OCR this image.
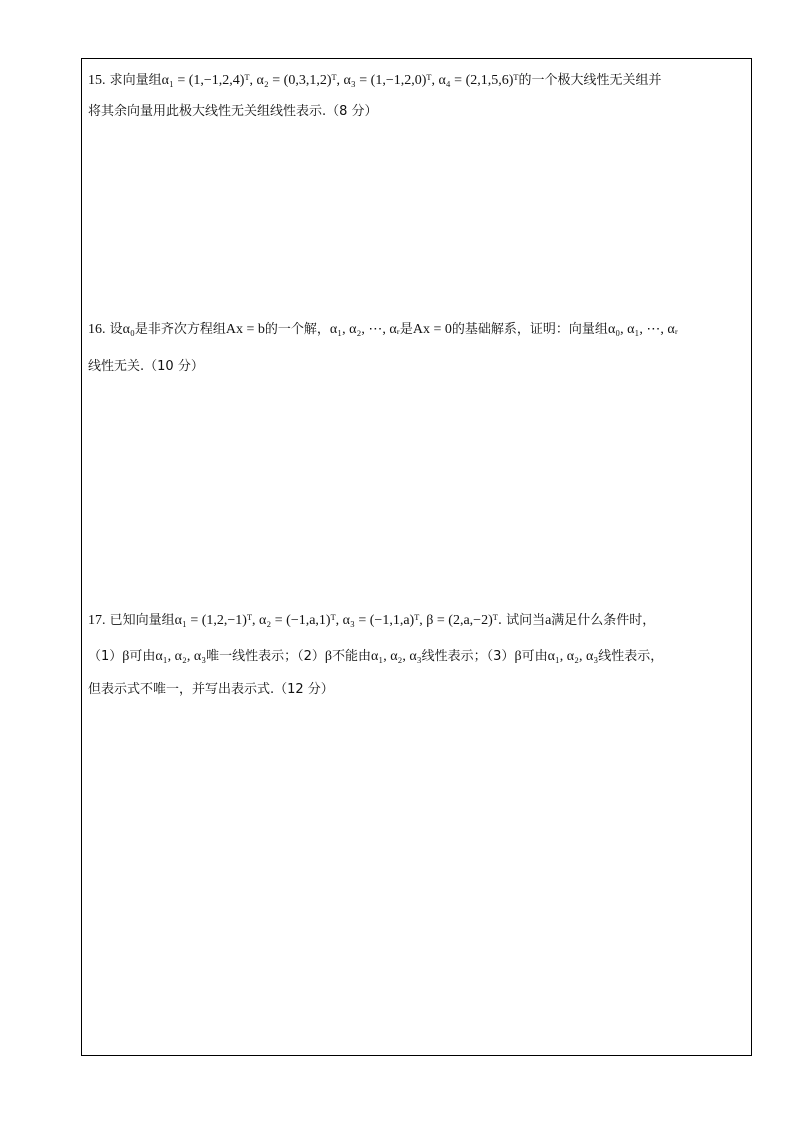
15. 求向量组α₁ = (1,−1,2,4)ᵀ, α₂ = (0,3,1,2)ᵀ, α₃ = (1,−1,2,0)ᵀ, α₄ = (2,1,5,6)ᵀ的一个极大线性无关组并
将其余向量用此极大线性无关组线性表示.（8 分）
16. 设α₀是非齐次方程组Ax = b的一个解，α₁, α₂, ⋯, αᵣ是Ax = 0的基础解系，证明：向量组α₀, α₁, ⋯, αᵣ
线性无关.（10 分）
17. 已知向量组α₁ = (1,2,−1)ᵀ, α₂ = (−1,a,1)ᵀ, α₃ = (−1,1,a)ᵀ, β = (2,a,−2)ᵀ. 试问当a满足什么条件时，
（1）β可由α₁, α₂, α₃唯一线性表示；（2）β不能由α₁, α₂, α₃线性表示；（3）β可由α₁, α₂, α₃线性表示，
但表示式不唯一，并写出表示式.（12 分）
